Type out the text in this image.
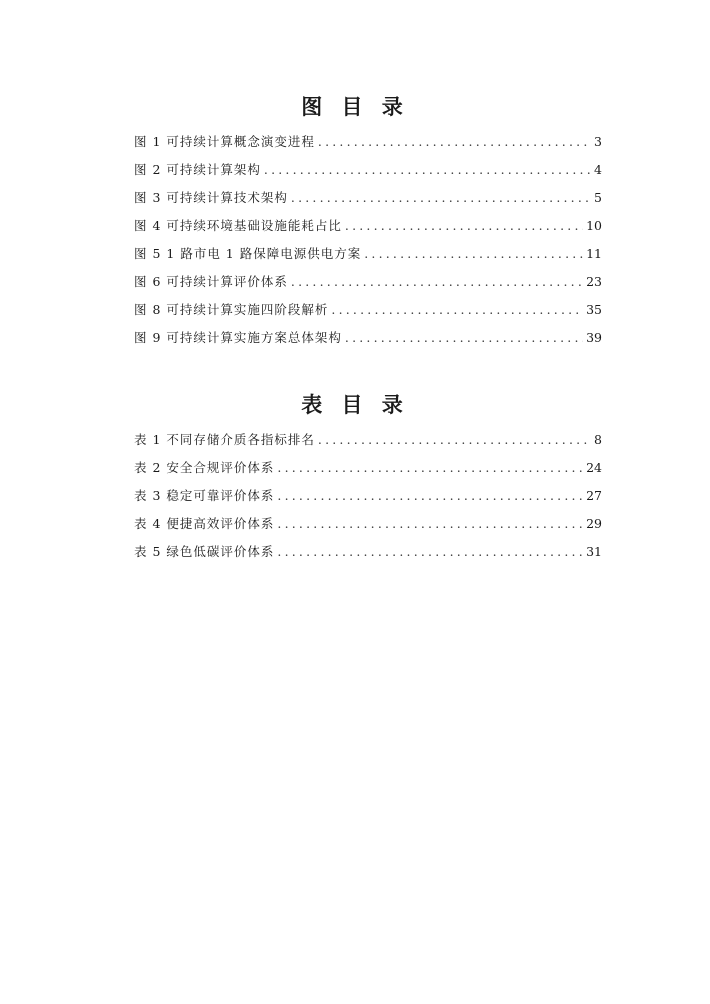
图 目 录
图 1 可持续计算概念演变进程 .....	3
图 2 可持续计算架构 .....	4
图 3 可持续计算技术架构 .....	5
图 4 可持续环境基础设施能耗占比 .....	10
图 5 1 路市电 1 路保障电源供电方案 .....	11
图 6 可持续计算评价体系 .....	23
图 8 可持续计算实施四阶段解析 .....	35
图 9 可持续计算实施方案总体架构 .....	39
表 目 录
表 1 不同存储介质各指标排名 .....	8
表 2 安全合规评价体系 .....	24
表 3 稳定可靠评价体系 .....	27
表 4 便捷高效评价体系 .....	29
表 5 绿色低碳评价体系 .....	31
